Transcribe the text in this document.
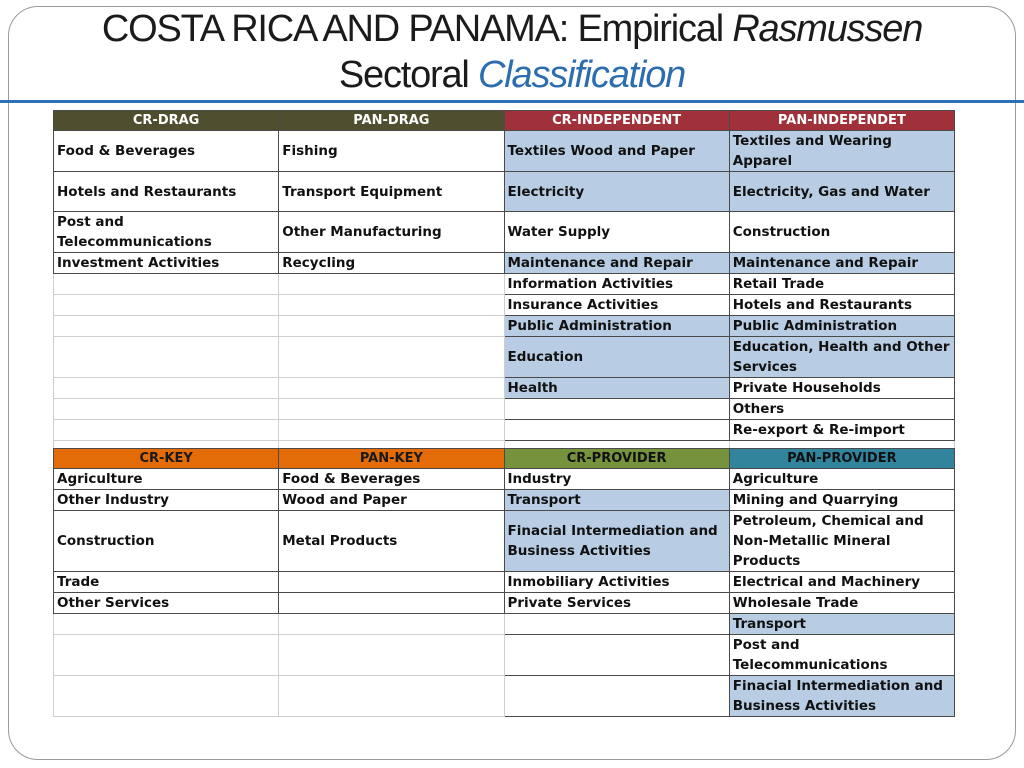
COSTA RICA AND PANAMA: Empirical Rasmussen
Sectoral Classification
CR-DRAG	PAN-DRAG	CR-INDEPENDENT	PAN-INDEPENDET
Food & Beverages	Fishing	Textiles Wood and Paper	Textiles and Wearing Apparel
Hotels and Restaurants	Transport Equipment	Electricity	Electricity, Gas and Water
Post and Telecommunications	Other Manufacturing	Water Supply	Construction
Investment Activities	Recycling	Maintenance and Repair	Maintenance and Repair
		Information Activities	Retail Trade
		Insurance Activities	Hotels and Restaurants
		Public Administration	Public Administration
		Education	Education, Health and Other Services
		Health	Private Households
			Others
			Re-export & Re-import

CR-KEY	PAN-KEY	CR-PROVIDER	PAN-PROVIDER
Agriculture	Food & Beverages	Industry	Agriculture
Other Industry	Wood and Paper	Transport	Mining and Quarrying
Construction	Metal Products	Finacial Intermediation and Business Activities	Petroleum, Chemical and Non-Metallic Mineral Products
Trade		Inmobiliary Activities	Electrical and Machinery
Other Services		Private Services	Wholesale Trade
			Transport
			Post and Telecommunications
			Finacial Intermediation and Business Activities
